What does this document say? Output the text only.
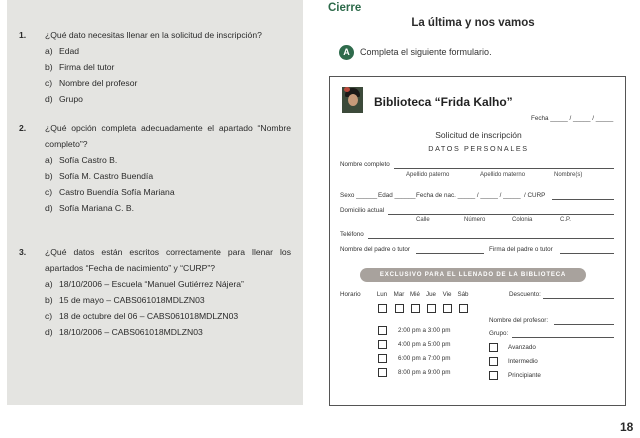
1. ¿Qué dato necesitas llenar en la solicitud de inscripción?
a) Edad
b) Firma del tutor
c) Nombre del profesor
d) Grupo
2. ¿Qué opción completa adecuadamente el apartado “Nombre completo”?
a) Sofía Castro B.
b) Sofía M. Castro Buendía
c) Castro Buendía Sofía Mariana
d) Sofía Mariana C. B.
3. ¿Qué datos están escritos correctamente para llenar los apartados “Fecha de nacimiento” y “CURP”?
a) 18/10/2006 – Escuela “Manuel Gutiérrez Nájera”
b) 15 de mayo – CABS061018MDLZN03
c) 18 de octubre del 06 – CABS061018MDLZN03
d) 18/10/2006 – CABS061018MDLZN03
Cierre
La última y nos vamos
A	Completa el siguiente formulario.
Biblioteca “Frida Kalho”
Fecha _____ / _____ / _____
Solicitud de inscripción
DATOS PERSONALES
Nombre completo
Apellido paterno	Apellido materno	Nombre(s)
Sexo ______ Edad ______ Fecha de nac. _____ / _____ / _____ / CURP
Domicilio actual
Calle	Número	Colonia	C.P.
Teléfono
Nombre del padre o tutor	Firma del padre o tutor
EXCLUSIVO PARA EL LLENADO DE LA BIBLIOTECA
Horario	Lun Mar Mié Jue	Vie Sáb	Descuento:
2:00 pm a 3:00 pm
4:00 pm a 5:00 pm
6:00 pm a 7:00 pm
8:00 pm a 9:00 pm
Nombre del profesor:
Grupo:
Avanzado
Intermedio
Principiante
18
